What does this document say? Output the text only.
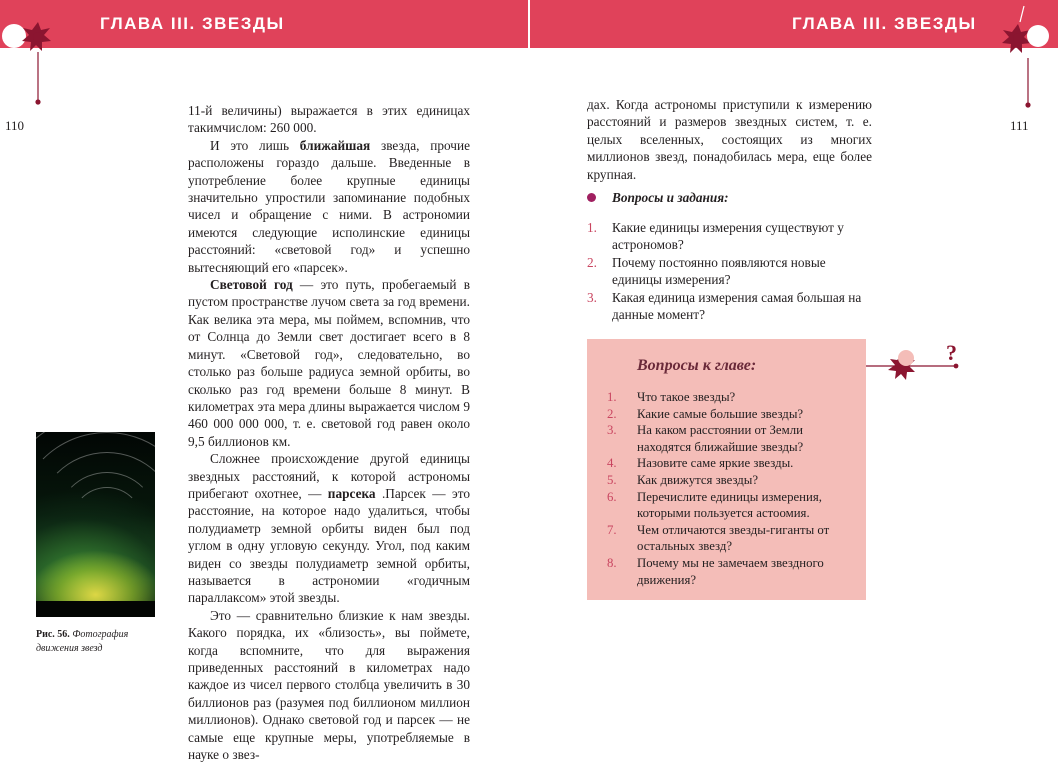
ГЛАВА III. ЗВЕЗДЫ	ГЛАВА III. ЗВЕЗДЫ
110	111

11-й величины) выражается в этих единицах такимчислом: 260 000.

И это лишь ближайшая звезда, прочие расположены гораздо дальше. Введенные в употребление более крупные единицы значительно упростили запоминание подобных чисел и обращение с ними. В астрономии имеются следующие исполинские единицы расстояний: «световой год» и успешно вытесняющий его «парсек».

Световой год — это путь, пробегаемый в пустом пространстве лучом света за год времени. Как велика эта мера, мы поймем, вспомнив, что от Солнца до Земли свет достигает всего в 8 минут. «Световой год», следовательно, во столько раз больше радиуса земной орбиты, во сколько раз год времени больше 8 минут. В километрах эта мера длины выражается числом 9 460 000 000 000, т. е. световой год равен около 9,5 биллионов км.

Сложнее происхождение другой единицы звездных расстояний, к которой астрономы прибегают охотнее, — парсека .Парсек — это расстояние, на которое надо удалиться, чтобы полудиаметр земной орбиты виден был под углом в одну угловую секунду. Угол, под каким виден со звезды полудиаметр земной орбиты, называется в астрономии «годичным параллаксом» этой звезды.

Это — сравнительно близкие к нам звезды. Какого порядка, их «близость», вы поймете, когда вспомните, что для выражения приведенных расстояний в километрах надо каждое из чисел первого столбца увеличить в 30 биллионов раз (разумея под биллионом миллион миллионов). Однако световой год и парсек — не самые еще крупные меры, употребляемые в науке о звез-

Рис. 56. Фотография движения звезд

дах. Когда астрономы приступили к измерению расстояний и размеров звездных систем, т. е. целых вселенных, состоящих из многих миллионов звезд, понадобилась мера, еще более крупная.

Вопросы и задания:
1. Какие единицы измерения существуют у астрономов?
2. Почему постоянно появляются новые единицы измерения?
3. Какая единица измерения самая большая на данные момент?
Вопросы к главе:
1. Что такое звезды?
2. Какие самые большие звезды?
3. На каком расстоянии от Земли находятся ближайшие звезды?
4. Назовите саме яркие звезды.
5. Как движутся звезды?
6. Перечислите единицы измерения, которыми пользуется астоомия.
7. Чем отличаются звезды-гиганты от остальных звезд?
8. Почему мы не замечаем звездного движения?
?
